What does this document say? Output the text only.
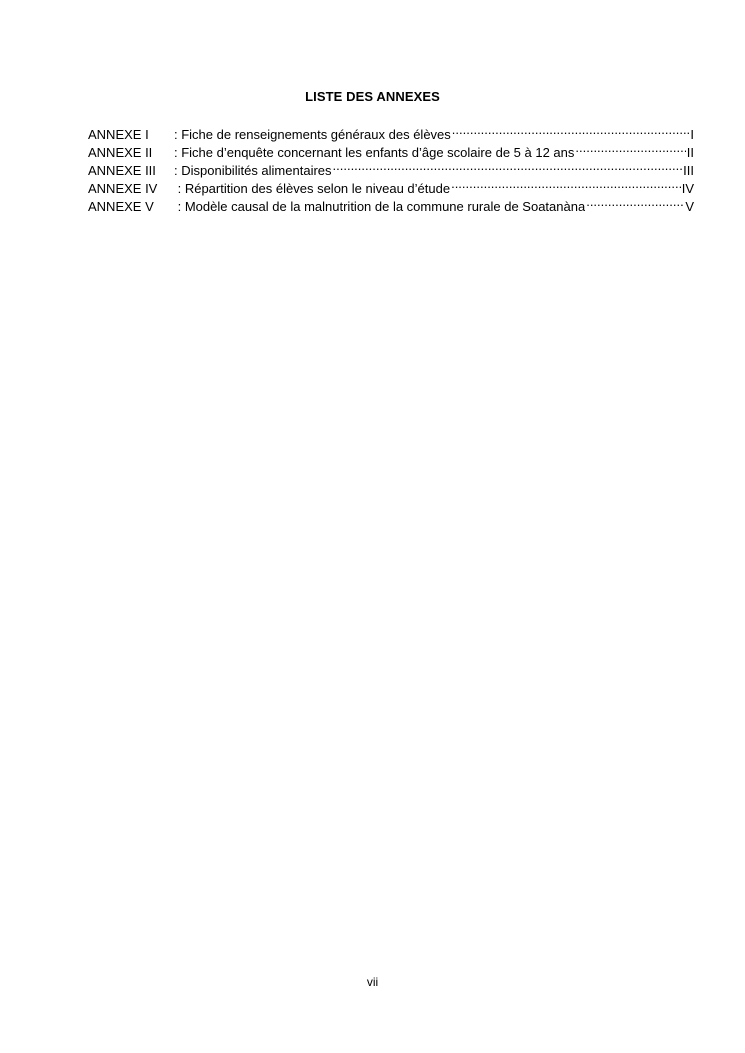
LISTE DES ANNEXES
ANNEXE I	: Fiche de renseignements généraux des élèves .....	I
ANNEXE II	: Fiche d’enquête concernant les enfants d’âge scolaire de 5 à 12 ans .....	II
ANNEXE III	: Disponibilités alimentaires .....	III
ANNEXE IV	: Répartition des élèves selon le niveau d’étude .....	IV
ANNEXE V	: Modèle causal de la malnutrition de la commune rurale de Soatanàna .....	V
vii
